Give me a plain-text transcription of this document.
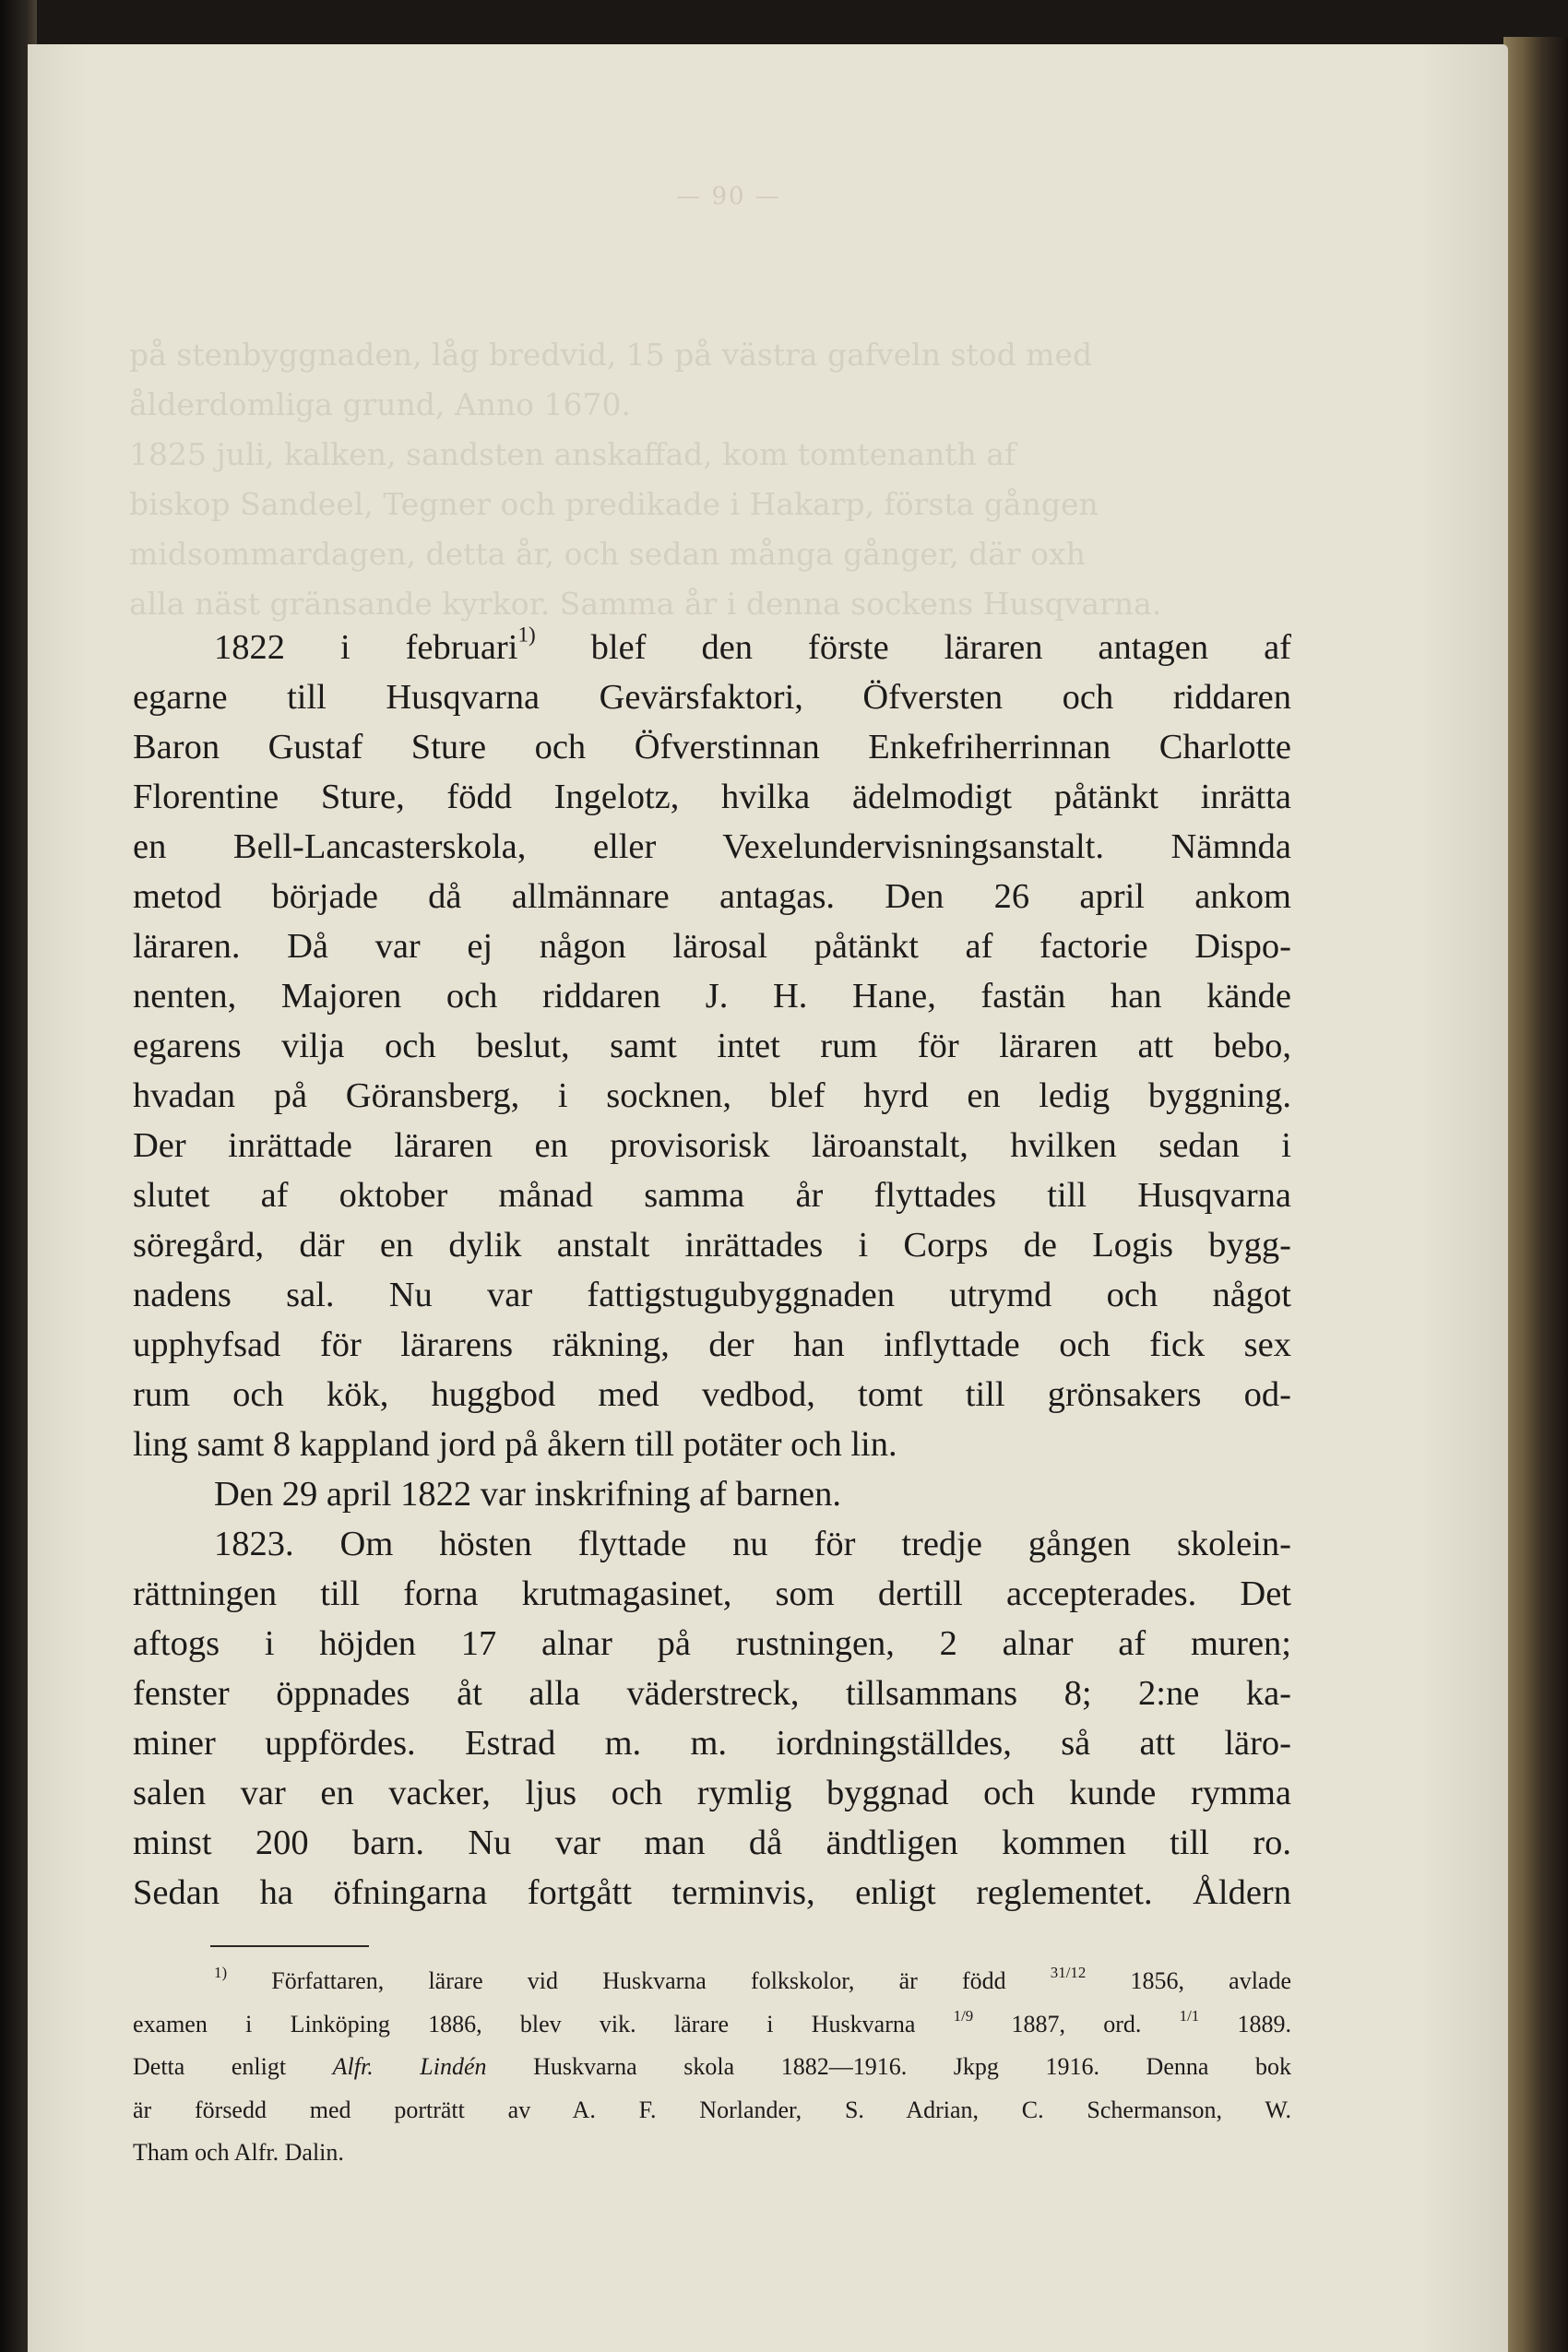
— 90 —
på stenbyggnaden, låg bredvid, 15 på västra gafveln stod med
ålderdomliga grund, Anno 1670.
1825 juli, kalken, sandsten anskaffad, kom tomtenanth af
biskop Sandeel, Tegner och predikade i Hakarp, första gången
midsommardagen, detta år, och sedan många gånger, där oxh
alla näst gränsande kyrkor. Samma år i denna sockens Husqvarna.

1822 i februari$^{1)}$ blef den förste läraren antagen af

egarne till Husqvarna Gevärsfaktori, Öfversten och riddaren

Baron Gustaf Sture och Öfverstinnan Enkefriherrinnan Charlotte

Florentine Sture, född Ingelotz, hvilka ädelmodigt påtänkt inrätta

en Bell-Lancasterskola, eller Vexelundervisningsanstalt. Nämnda

metod började då allmännare antagas. Den 26 april ankom

läraren. Då var ej någon lärosal påtänkt af factorie Dispo-

nenten, Majoren och riddaren J. H. Hane, fastän han kände

egarens vilja och beslut, samt intet rum för läraren att bebo,

hvadan på Göransberg, i socknen, blef hyrd en ledig byggning.

Der inrättade läraren en provisorisk läroanstalt, hvilken sedan i

slutet af oktober månad samma år flyttades till Husqvarna

söregård, där en dylik anstalt inrättades i Corps de Logis bygg-

nadens sal. Nu var fattigstugubyggnaden utrymd och något

upphyfsad för lärarens räkning, der han inflyttade och fick sex

rum och kök, huggbod med vedbod, tomt till grönsakers od-

ling samt 8 kappland jord på åkern till potäter och lin.

Den 29 april 1822 var inskrifning af barnen.

1823. Om hösten flyttade nu för tredje gången skolein-

rättningen till forna krutmagasinet, som dertill accepterades. Det

aftogs i höjden 17 alnar på rustningen, 2 alnar af muren;

fenster öppnades åt alla väderstreck, tillsammans 8; 2:ne ka-

miner uppfördes. Estrad m. m. iordningställdes, så att läro-

salen var en vacker, ljus och rymlig byggnad och kunde rymma

minst 200 barn. Nu var man då ändtligen kommen till ro.

Sedan ha öfningarna fortgått terminvis, enligt reglementet. Åldern

$^{1)}$ Författaren, lärare vid Huskvarna folkskolor, är född $^{31/12}$ 1856, avlade

examen i Linköping 1886, blev vik. lärare i Huskvarna $^{1/9}$ 1887, ord. $^{1/1}$ 1889.

Detta enligt Alfr. Lindén Huskvarna skola 1882—1916. Jkpg 1916. Denna bok

är försedd med porträtt av A. F. Norlander, S. Adrian, C. Schermanson, W.

Tham och Alfr. Dalin.
